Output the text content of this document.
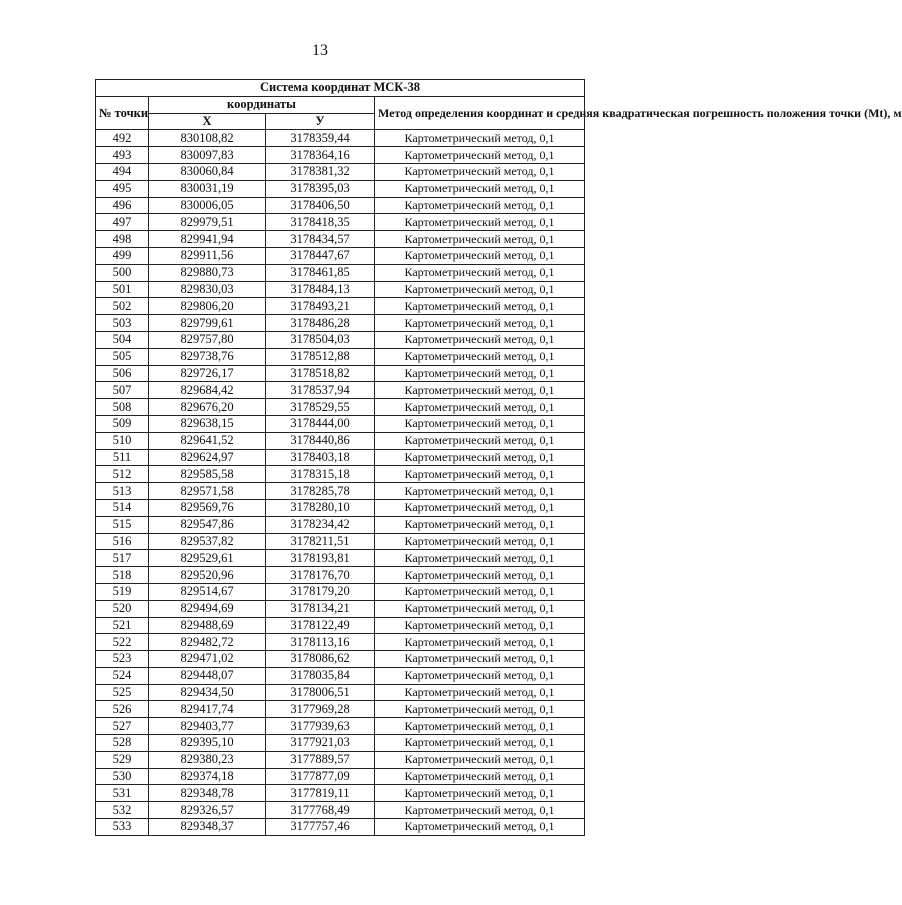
13
Система координат МСК-38			
№ точки	координаты		Метод определения координат и средняя квадратическая погрешность положения точки (Mt), м
	Х	У	
492	830108,82	3178359,44	Картометрический метод, 0,1
493	830097,83	3178364,16	Картометрический метод, 0,1
494	830060,84	3178381,32	Картометрический метод, 0,1
495	830031,19	3178395,03	Картометрический метод, 0,1
496	830006,05	3178406,50	Картометрический метод, 0,1
497	829979,51	3178418,35	Картометрический метод, 0,1
498	829941,94	3178434,57	Картометрический метод, 0,1
499	829911,56	3178447,67	Картометрический метод, 0,1
500	829880,73	3178461,85	Картометрический метод, 0,1
501	829830,03	3178484,13	Картометрический метод, 0,1
502	829806,20	3178493,21	Картометрический метод, 0,1
503	829799,61	3178486,28	Картометрический метод, 0,1
504	829757,80	3178504,03	Картометрический метод, 0,1
505	829738,76	3178512,88	Картометрический метод, 0,1
506	829726,17	3178518,82	Картометрический метод, 0,1
507	829684,42	3178537,94	Картометрический метод, 0,1
508	829676,20	3178529,55	Картометрический метод, 0,1
509	829638,15	3178444,00	Картометрический метод, 0,1
510	829641,52	3178440,86	Картометрический метод, 0,1
511	829624,97	3178403,18	Картометрический метод, 0,1
512	829585,58	3178315,18	Картометрический метод, 0,1
513	829571,58	3178285,78	Картометрический метод, 0,1
514	829569,76	3178280,10	Картометрический метод, 0,1
515	829547,86	3178234,42	Картометрический метод, 0,1
516	829537,82	3178211,51	Картометрический метод, 0,1
517	829529,61	3178193,81	Картометрический метод, 0,1
518	829520,96	3178176,70	Картометрический метод, 0,1
519	829514,67	3178179,20	Картометрический метод, 0,1
520	829494,69	3178134,21	Картометрический метод, 0,1
521	829488,69	3178122,49	Картометрический метод, 0,1
522	829482,72	3178113,16	Картометрический метод, 0,1
523	829471,02	3178086,62	Картометрический метод, 0,1
524	829448,07	3178035,84	Картометрический метод, 0,1
525	829434,50	3178006,51	Картометрический метод, 0,1
526	829417,74	3177969,28	Картометрический метод, 0,1
527	829403,77	3177939,63	Картометрический метод, 0,1
528	829395,10	3177921,03	Картометрический метод, 0,1
529	829380,23	3177889,57	Картометрический метод, 0,1
530	829374,18	3177877,09	Картометрический метод, 0,1
531	829348,78	3177819,11	Картометрический метод, 0,1
532	829326,57	3177768,49	Картометрический метод, 0,1
533	829348,37	3177757,46	Картометрический метод, 0,1
